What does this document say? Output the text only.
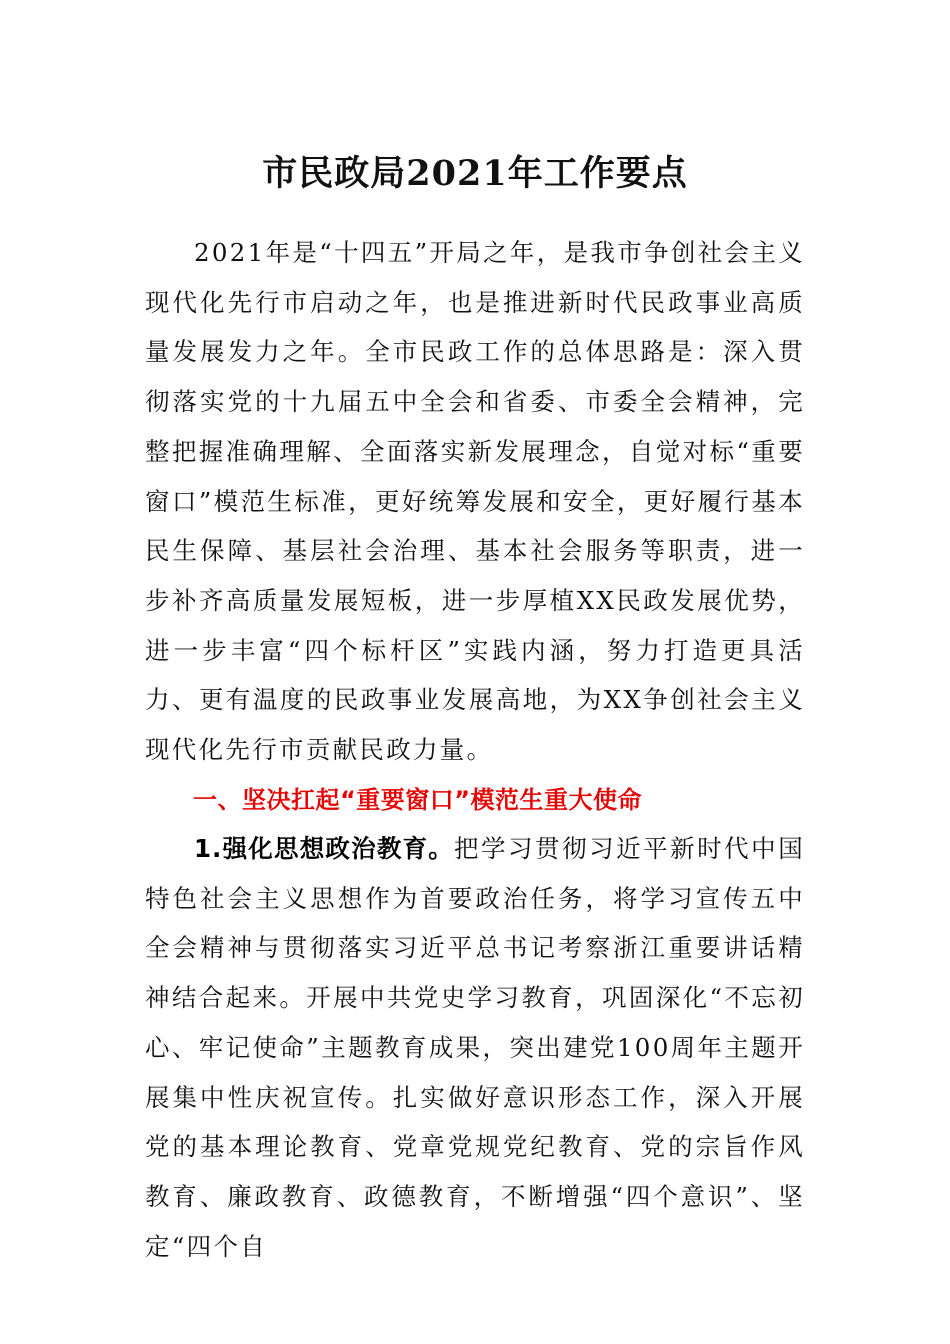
市民政局2021年工作要点

2021年是“十四五”开局之年，是我市争创社会主义现代化先行市启动之年，也是推进新时代民政事业高质量发展发力之年。全市民政工作的总体思路是：深入贯彻落实党的十九届五中全会和省委、市委全会精神，完整把握准确理解、全面落实新发展理念，自觉对标“重要窗口”模范生标准，更好统筹发展和安全，更好履行基本民生保障、基层社会治理、基本社会服务等职责，进一步补齐高质量发展短板，进一步厚植XX民政发展优势，进一步丰富“四个标杆区”实践内涵，努力打造更具活力、更有温度的民政事业发展高地，为XX争创社会主义现代化先行市贡献民政力量。

一、坚决扛起“重要窗口”模范生重大使命

1.强化思想政治教育。把学习贯彻习近平新时代中国特色社会主义思想作为首要政治任务，将学习宣传五中全会精神与贯彻落实习近平总书记考察浙江重要讲话精神结合起来。开展中共党史学习教育，巩固深化“不忘初心、牢记使命”主题教育成果，突出建党100周年主题开展集中性庆祝宣传。扎实做好意识形态工作，深入开展党的基本理论教育、党章党规党纪教育、党的宗旨作风教育、廉政教育、政德教育，不断增强“四个意识”、坚定“四个自
